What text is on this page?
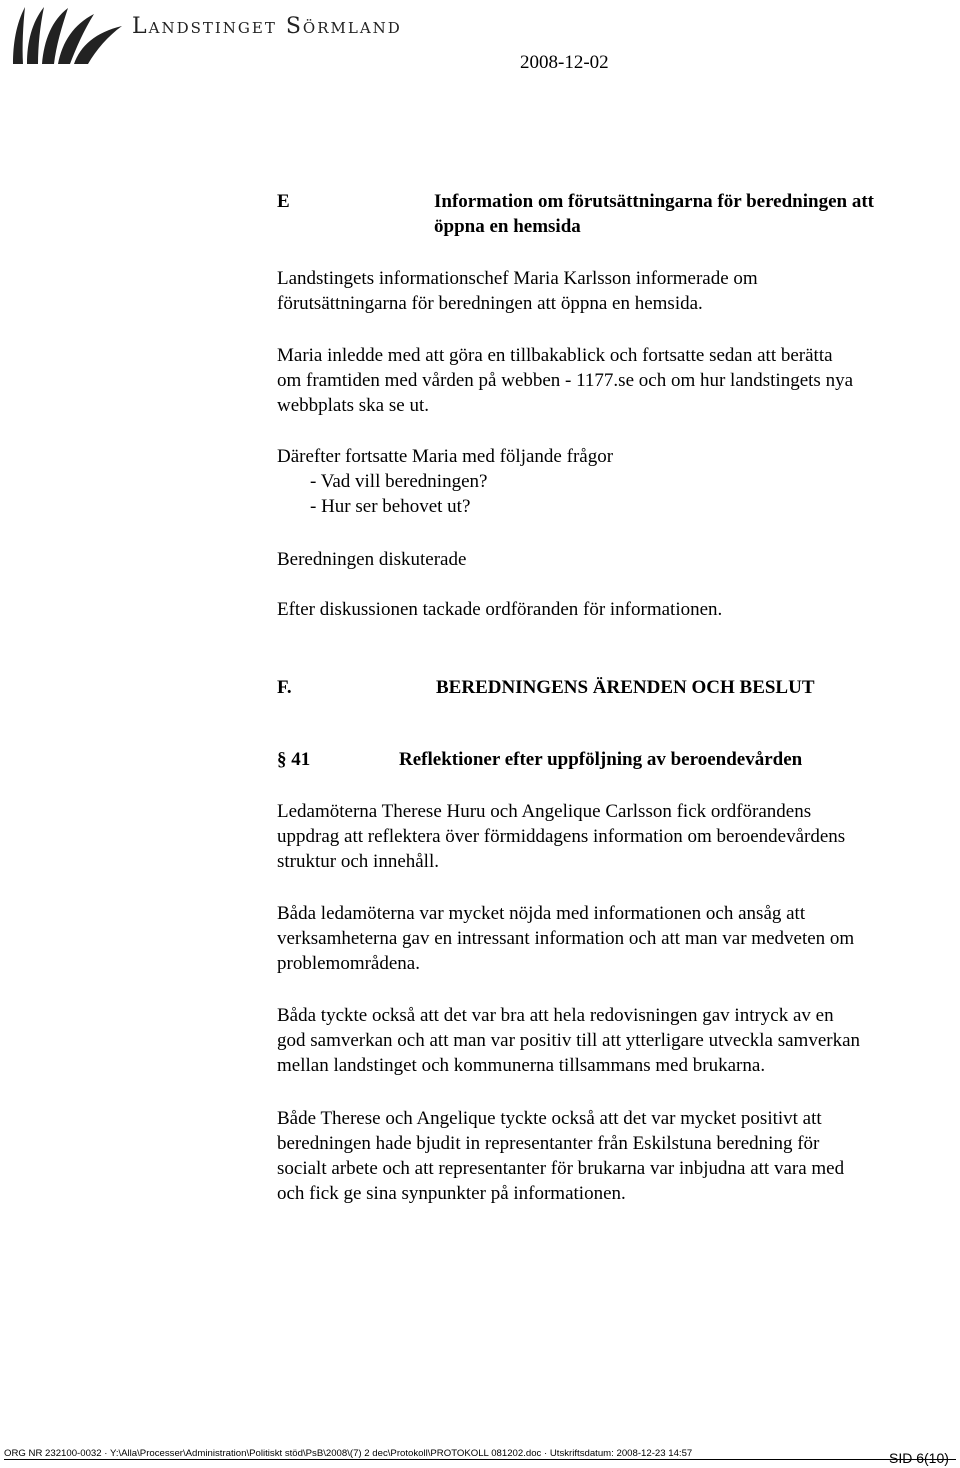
Landstinget Sörmland
2008-12-02
E	Information om förutsättningarna för beredningen att
öppna en hemsida
Landstingets informationschef Maria Karlsson informerade om
förutsättningarna för beredningen att öppna en hemsida.
Maria inledde med att göra en tillbakablick och fortsatte sedan att berätta
om framtiden med vården på webben - 1177.se och om hur landstingets nya
webbplats ska se ut.
Därefter fortsatte Maria med följande frågor
- Vad vill beredningen?
- Hur ser behovet ut?
Beredningen diskuterade
Efter diskussionen tackade ordföranden för informationen.
F.	BEREDNINGENS ÄRENDEN OCH BESLUT
§ 41	Reflektioner efter uppföljning av beroendevården
Ledamöterna Therese Huru och Angelique Carlsson fick ordförandens
uppdrag att reflektera över förmiddagens information om beroendevårdens
struktur och innehåll.
Båda ledamöterna var mycket nöjda med informationen och ansåg att
verksamheterna gav en intressant information och att man var medveten om
problemområdena.
Båda tyckte också att det var bra att hela redovisningen gav intryck av en
god samverkan och att man var positiv till att ytterligare utveckla samverkan
mellan landstinget och kommunerna tillsammans med brukarna.
Både Therese och Angelique tyckte också att det var mycket positivt att
beredningen hade bjudit in representanter från Eskilstuna beredning för
socialt arbete och att representanter för brukarna var inbjudna att vara med
och fick ge sina synpunkter på informationen.
ORG NR 232100-0032 · Y:\Alla\Processer\Administration\Politiskt stöd\PsB\2008\(7) 2 dec\Protokoll\PROTOKOLL 081202.doc · Utskriftsdatum: 2008-12-23 14:57	SID 6(10)
